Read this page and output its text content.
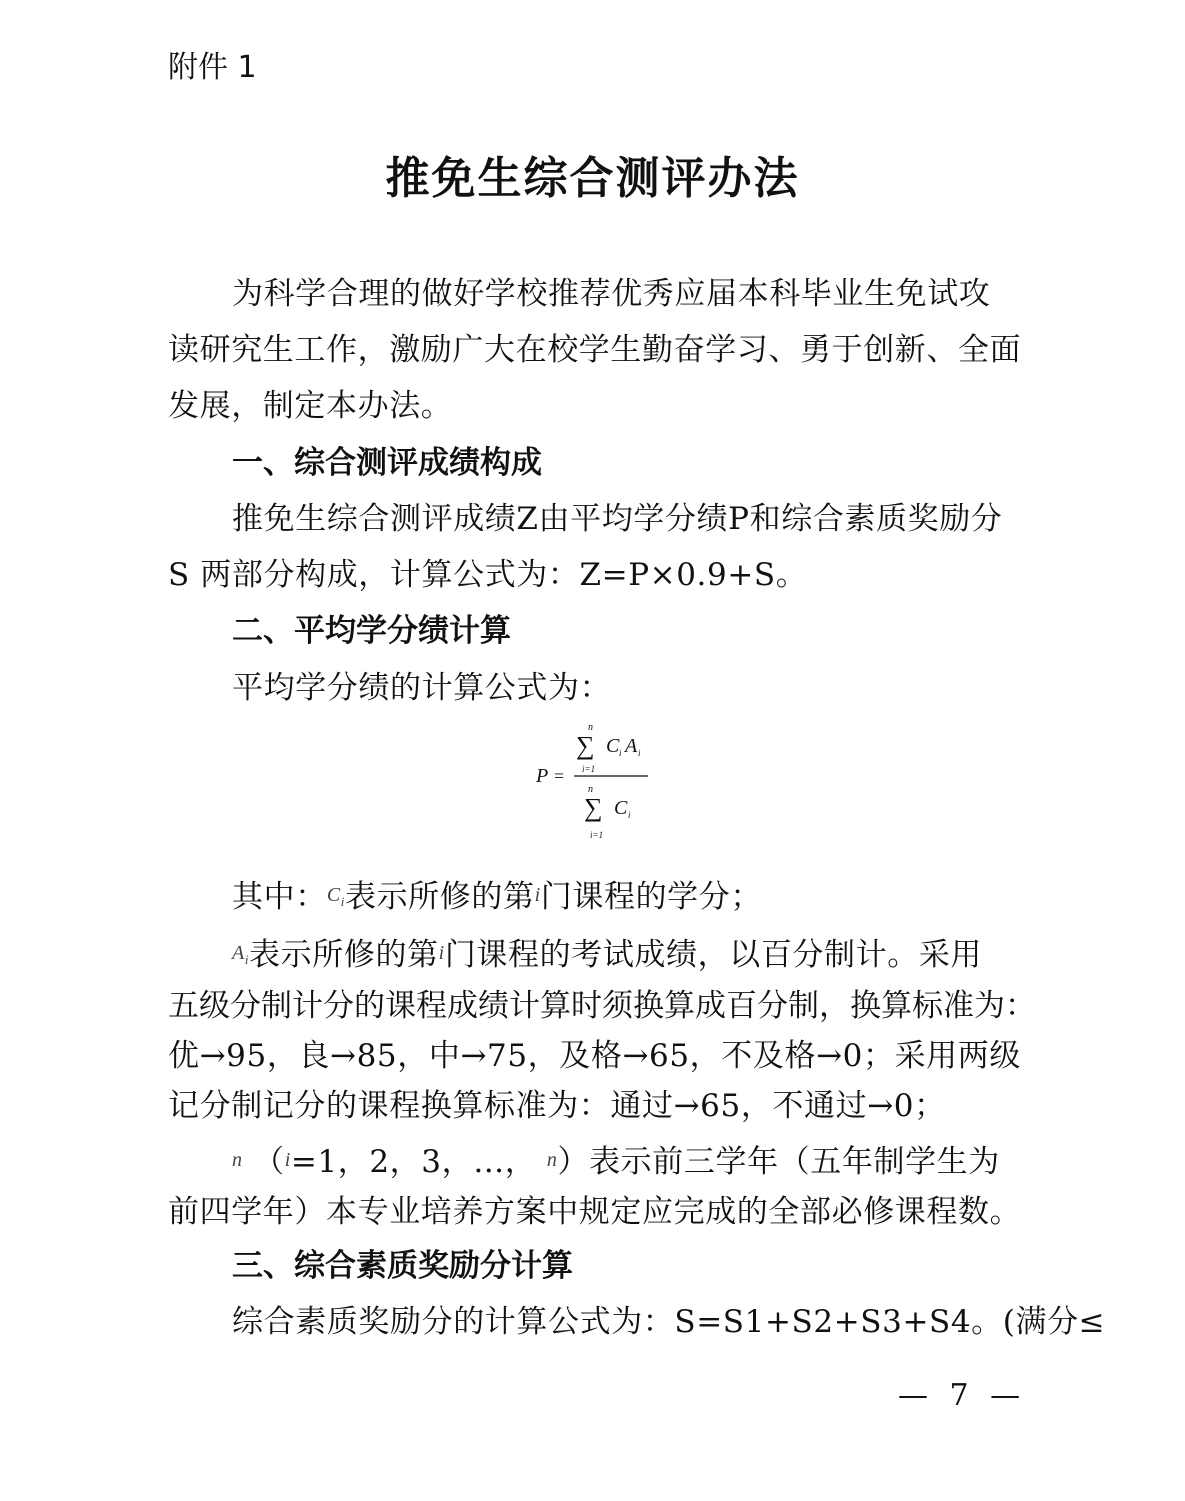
附件 1
推免生综合测评办法
为科学合理的做好学校推荐优秀应届本科毕业生免试攻
读研究生工作，激励广大在校学生勤奋学习、勇于创新、全面
发展，制定本办法。
一、综合测评成绩构成
推免生综合测评成绩Z由平均学分绩P和综合素质奖励分
S 两部分构成，计算公式为：Z=P×0.9+S。
二、平均学分绩计算
平均学分绩的计算公式为：
P =
n
∑
i=1
C i A i
n
∑
i=1
C i
其中：$C_i$表示所修的第i门课程的学分；
$A_i$表示所修的第i门课程的考试成绩，以百分制计。采用
五级分制计分的课程成绩计算时须换算成百分制，换算标准为：
优→95，良→85，中→75，及格→65，不及格→0；采用两级
记分制记分的课程换算标准为：通过→65，不通过→0；
n （i=1，2，3，…， n）表示前三学年（五年制学生为
前四学年）本专业培养方案中规定应完成的全部必修课程数。
三、综合素质奖励分计算
综合素质奖励分的计算公式为：S=S1+S2+S3+S4。(满分≤
— 7 —
